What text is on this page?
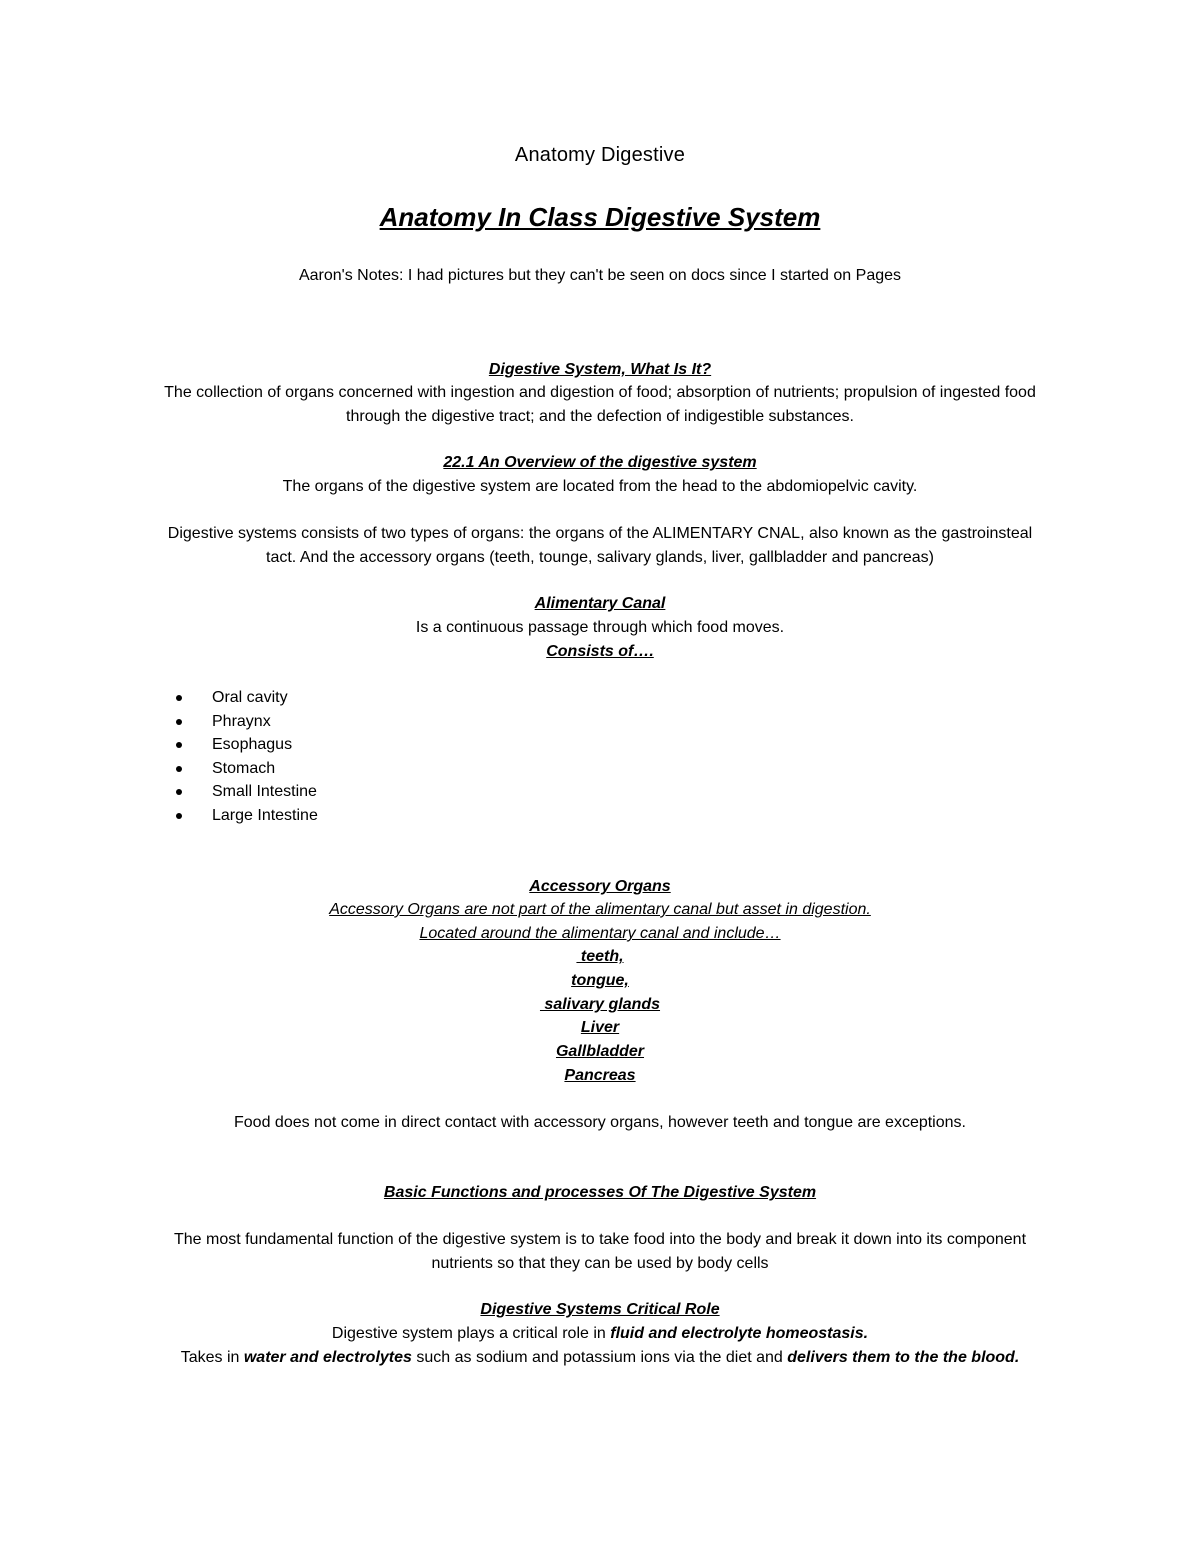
Anatomy Digestive
Anatomy In Class Digestive System
Aaron's Notes: I had pictures but they can't be seen on docs since I started on Pages
Digestive System, What Is It?
The collection of organs concerned with ingestion and digestion of food; absorption of nutrients; propulsion of ingested food
through the digestive tract; and the defection of indigestible substances.
22.1 An Overview of the digestive system
The organs of the digestive system are located from the head to the abdomiopelvic cavity.
Digestive systems consists of two types of organs: the organs of the ALIMENTARY CNAL, also known as the gastroinsteal
tact. And the accessory organs (teeth, tounge, salivary glands, liver, gallbladder and pancreas)
Alimentary Canal
Is a continuous passage through which food moves.
Consists of….
Oral cavity
Phraynx
Esophagus
Stomach
Small Intestine
Large Intestine
Accessory Organs
Accessory Organs are not part of the alimentary canal but asset in digestion.
Located around the alimentary canal and include…
teeth,
tongue,
salivary glands
Liver
Gallbladder
Pancreas
Food does not come in direct contact with accessory organs, however teeth and tongue are exceptions.
Basic Functions and processes Of The Digestive System
The most fundamental function of the digestive system is to take food into the body and break it down into its component
nutrients so that they can be used by body cells
Digestive Systems Critical Role
Digestive system plays a critical role in fluid and electrolyte homeostasis.
Takes in water and electrolytes such as sodium and potassium ions via the diet and delivers them to the the blood.
